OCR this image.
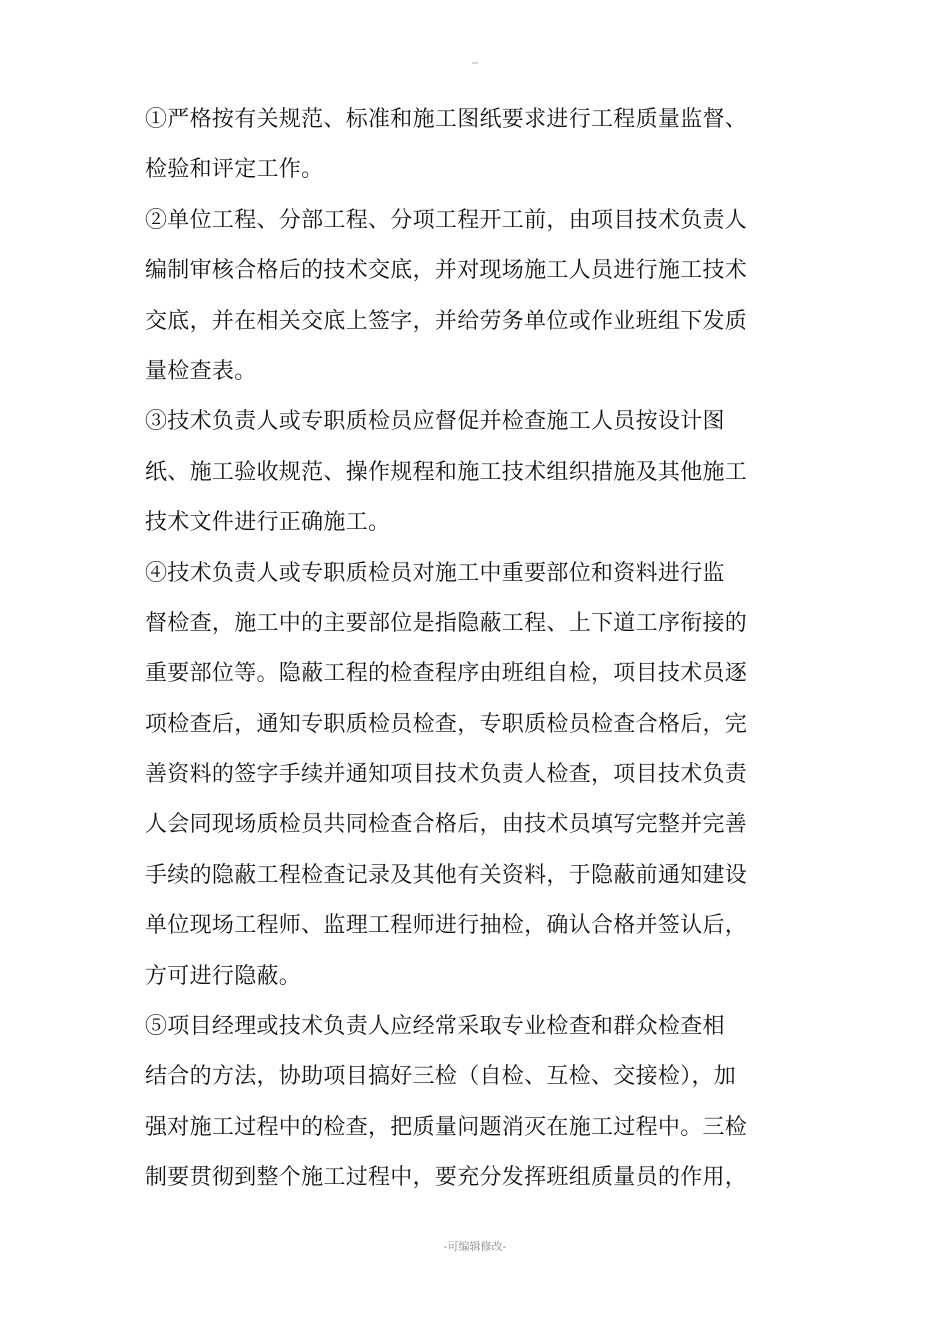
①严格按有关规范、标准和施工图纸要求进行工程质量监督、
检验和评定工作。
②单位工程、分部工程、分项工程开工前，由项目技术负责人
编制审核合格后的技术交底，并对现场施工人员进行施工技术
交底，并在相关交底上签字，并给劳务单位或作业班组下发质
量检查表。
③技术负责人或专职质检员应督促并检查施工人员按设计图
纸、施工验收规范、操作规程和施工技术组织措施及其他施工
技术文件进行正确施工。
④技术负责人或专职质检员对施工中重要部位和资料进行监
督检查，施工中的主要部位是指隐蔽工程、上下道工序衔接的
重要部位等。隐蔽工程的检查程序由班组自检，项目技术员逐
项检查后，通知专职质检员检查，专职质检员检查合格后，完
善资料的签字手续并通知项目技术负责人检查，项目技术负责
人会同现场质检员共同检查合格后，由技术员填写完整并完善
手续的隐蔽工程检查记录及其他有关资料，于隐蔽前通知建设
单位现场工程师、监理工程师进行抽检，确认合格并签认后，
方可进行隐蔽。
⑤项目经理或技术负责人应经常采取专业检查和群众检查相
结合的方法，协助项目搞好三检（自检、互检、交接检），加
强对施工过程中的检查，把质量问题消灭在施工过程中。三检
制要贯彻到整个施工过程中，要充分发挥班组质量员的作用，
-可编辑修改-
